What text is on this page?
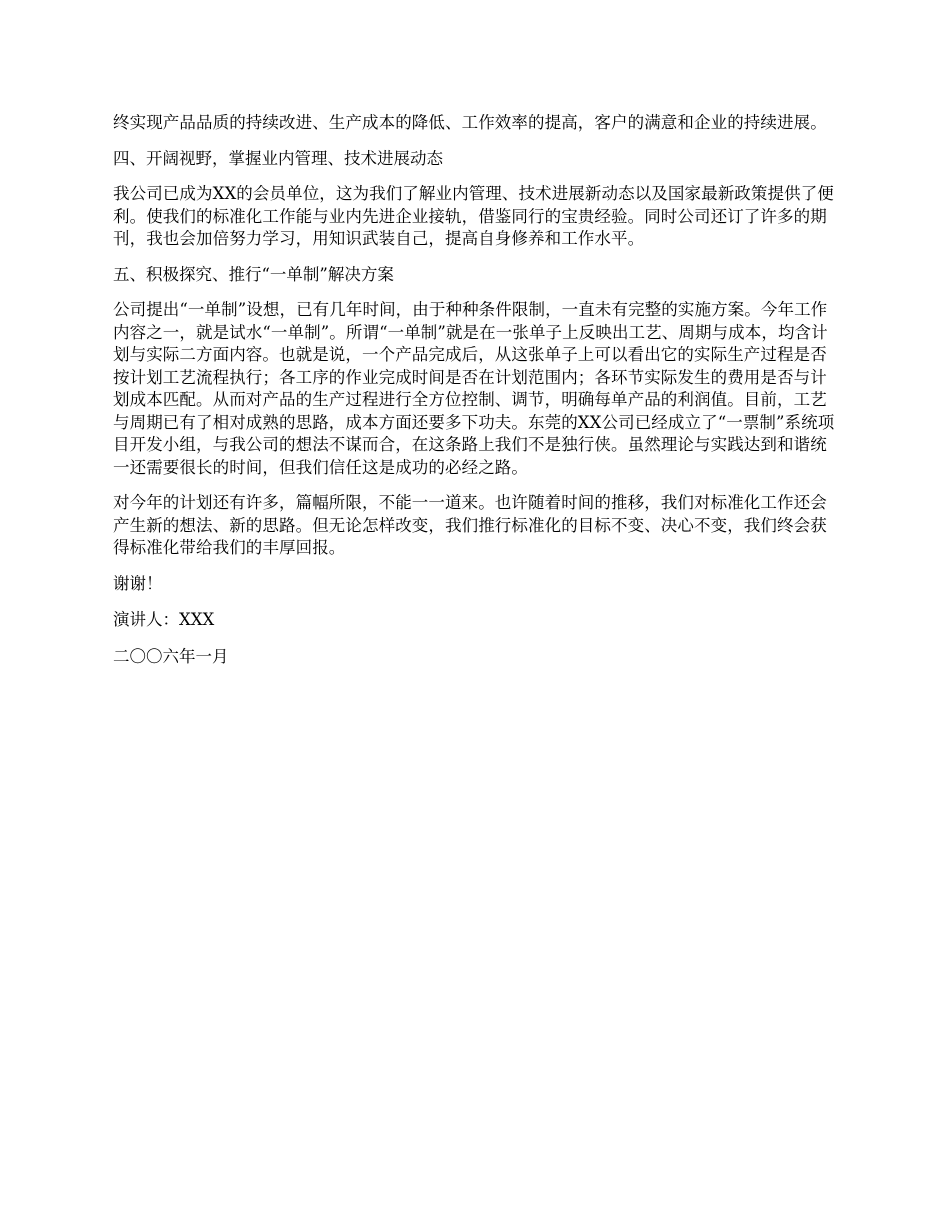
终实现产品品质的持续改进、生产成本的降低、工作效率的提高，客户的满意和企业的持续进展。

四、开阔视野，掌握业内管理、技术进展动态

我公司已成为XX的会员单位，这为我们了解业内管理、技术进展新动态以及国家最新政策提供了便利。使我们的标准化工作能与业内先进企业接轨，借鉴同行的宝贵经验。同时公司还订了许多的期刊，我也会加倍努力学习，用知识武装自己，提高自身修养和工作水平。

五、积极探究、推行“一单制”解决方案

公司提出“一单制”设想，已有几年时间，由于种种条件限制，一直未有完整的实施方案。今年工作内容之一，就是试水“一单制”。所谓“一单制”就是在一张单子上反映出工艺、周期与成本，均含计划与实际二方面内容。也就是说，一个产品完成后，从这张单子上可以看出它的实际生产过程是否按计划工艺流程执行；各工序的作业完成时间是否在计划范围内；各环节实际发生的费用是否与计划成本匹配。从而对产品的生产过程进行全方位控制、调节，明确每单产品的利润值。目前，工艺与周期已有了相对成熟的思路，成本方面还要多下功夫。东莞的XX公司已经成立了“一票制”系统项目开发小组，与我公司的想法不谋而合，在这条路上我们不是独行侠。虽然理论与实践达到和谐统一还需要很长的时间，但我们信任这是成功的必经之路。

对今年的计划还有许多，篇幅所限，不能一一道来。也许随着时间的推移，我们对标准化工作还会产生新的想法、新的思路。但无论怎样改变，我们推行标准化的目标不变、决心不变，我们终会获得标准化带给我们的丰厚回报。

谢谢！

演讲人：XXX

二〇〇六年一月
